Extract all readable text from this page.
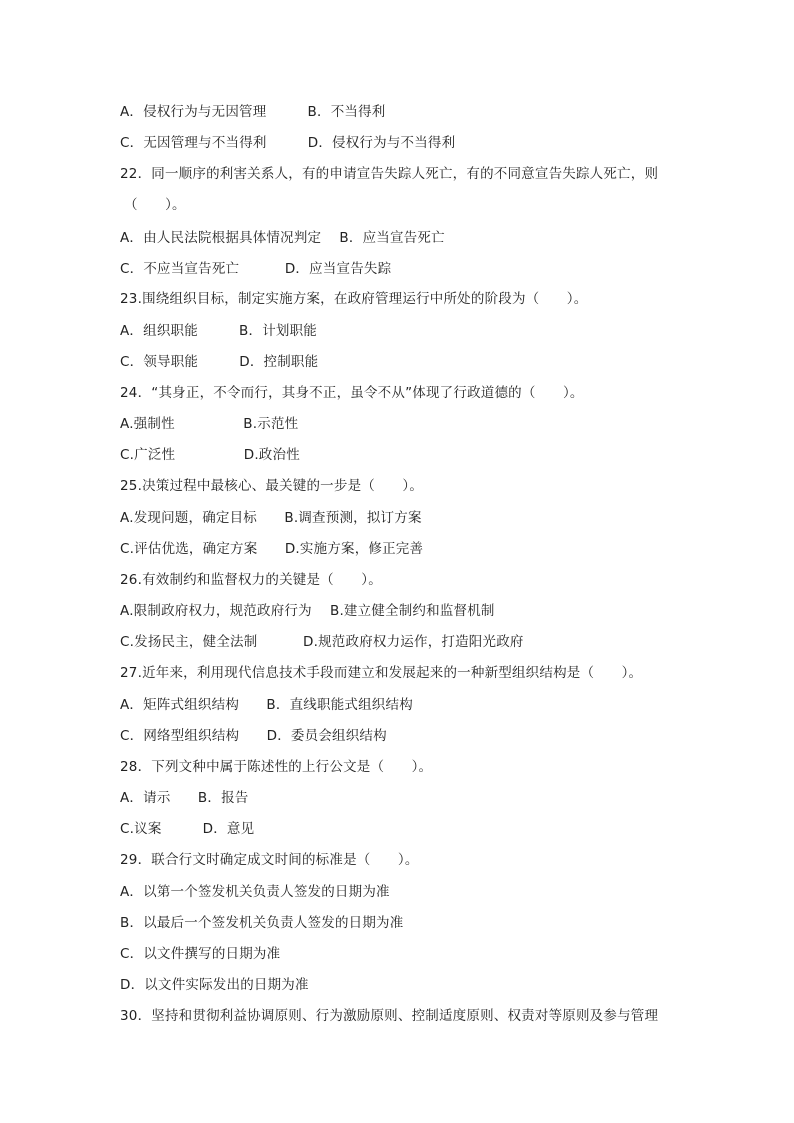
A．侵权行为与无因管理　　　B．不当得利
C．无因管理与不当得利　　　D．侵权行为与不当得利
22．同一顺序的利害关系人，有的申请宣告失踪人死亡，有的不同意宣告失踪人死亡，则
（　　）。
A．由人民法院根据具体情况判定　 B．应当宣告死亡
C．不应当宣告死亡　　　 D．应当宣告失踪
23.围绕组织目标，制定实施方案，在政府管理运行中所处的阶段为（　　）。
A．组织职能　　　B．计划职能
C．领导职能　　　D．控制职能
24．“其身正，不令而行，其身不正，虽令不从”体现了行政道德的（　　）。
A.强制性　　　　　B.示范性
C.广泛性　　　　　D.政治性
25.决策过程中最核心、最关键的一步是（　　）。
A.发现问题，确定目标　　B.调查预测，拟订方案
C.评估优选，确定方案　　D.实施方案，修正完善
26.有效制约和监督权力的关键是（　　）。
A.限制政府权力，规范政府行为　 B.建立健全制约和监督机制
C.发扬民主，健全法制　　　 D.规范政府权力运作，打造阳光政府
27.近年来，利用现代信息技术手段而建立和发展起来的一种新型组织结构是（　　）。
A．矩阵式组织结构　　B．直线职能式组织结构
C．网络型组织结构　　D．委员会组织结构
28．下列文种中属于陈述性的上行公文是（　　）。
A．请示　　B．报告
C.议案　　　D．意见
29．联合行文时确定成文时间的标准是（　　）。
A．以第一个签发机关负责人签发的日期为准
B．以最后一个签发机关负责人签发的日期为准
C．以文件撰写的日期为准
D．以文件实际发出的日期为准
30．坚持和贯彻利益协调原则、行为激励原则、控制适度原则、权责对等原则及参与管理
